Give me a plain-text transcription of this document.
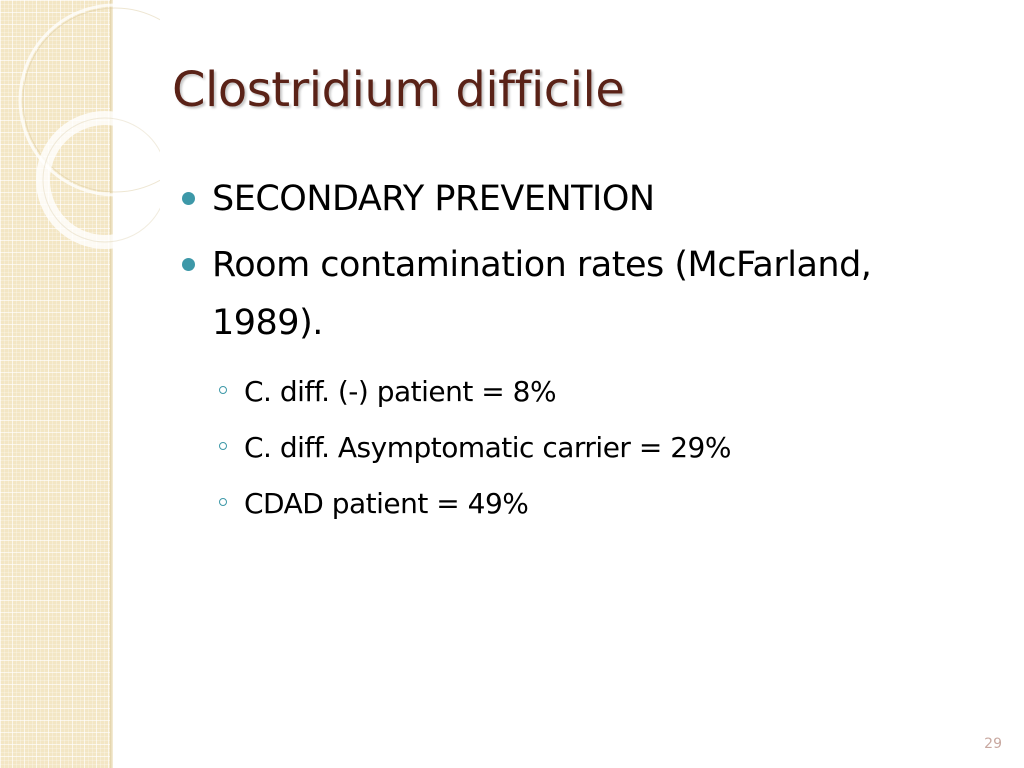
Clostridium difficile
SECONDARY PREVENTION
Room contamination rates (McFarland, 1989).
C. diff. (-) patient = 8%
C. diff. Asymptomatic carrier = 29%
CDAD patient = 49%
29
